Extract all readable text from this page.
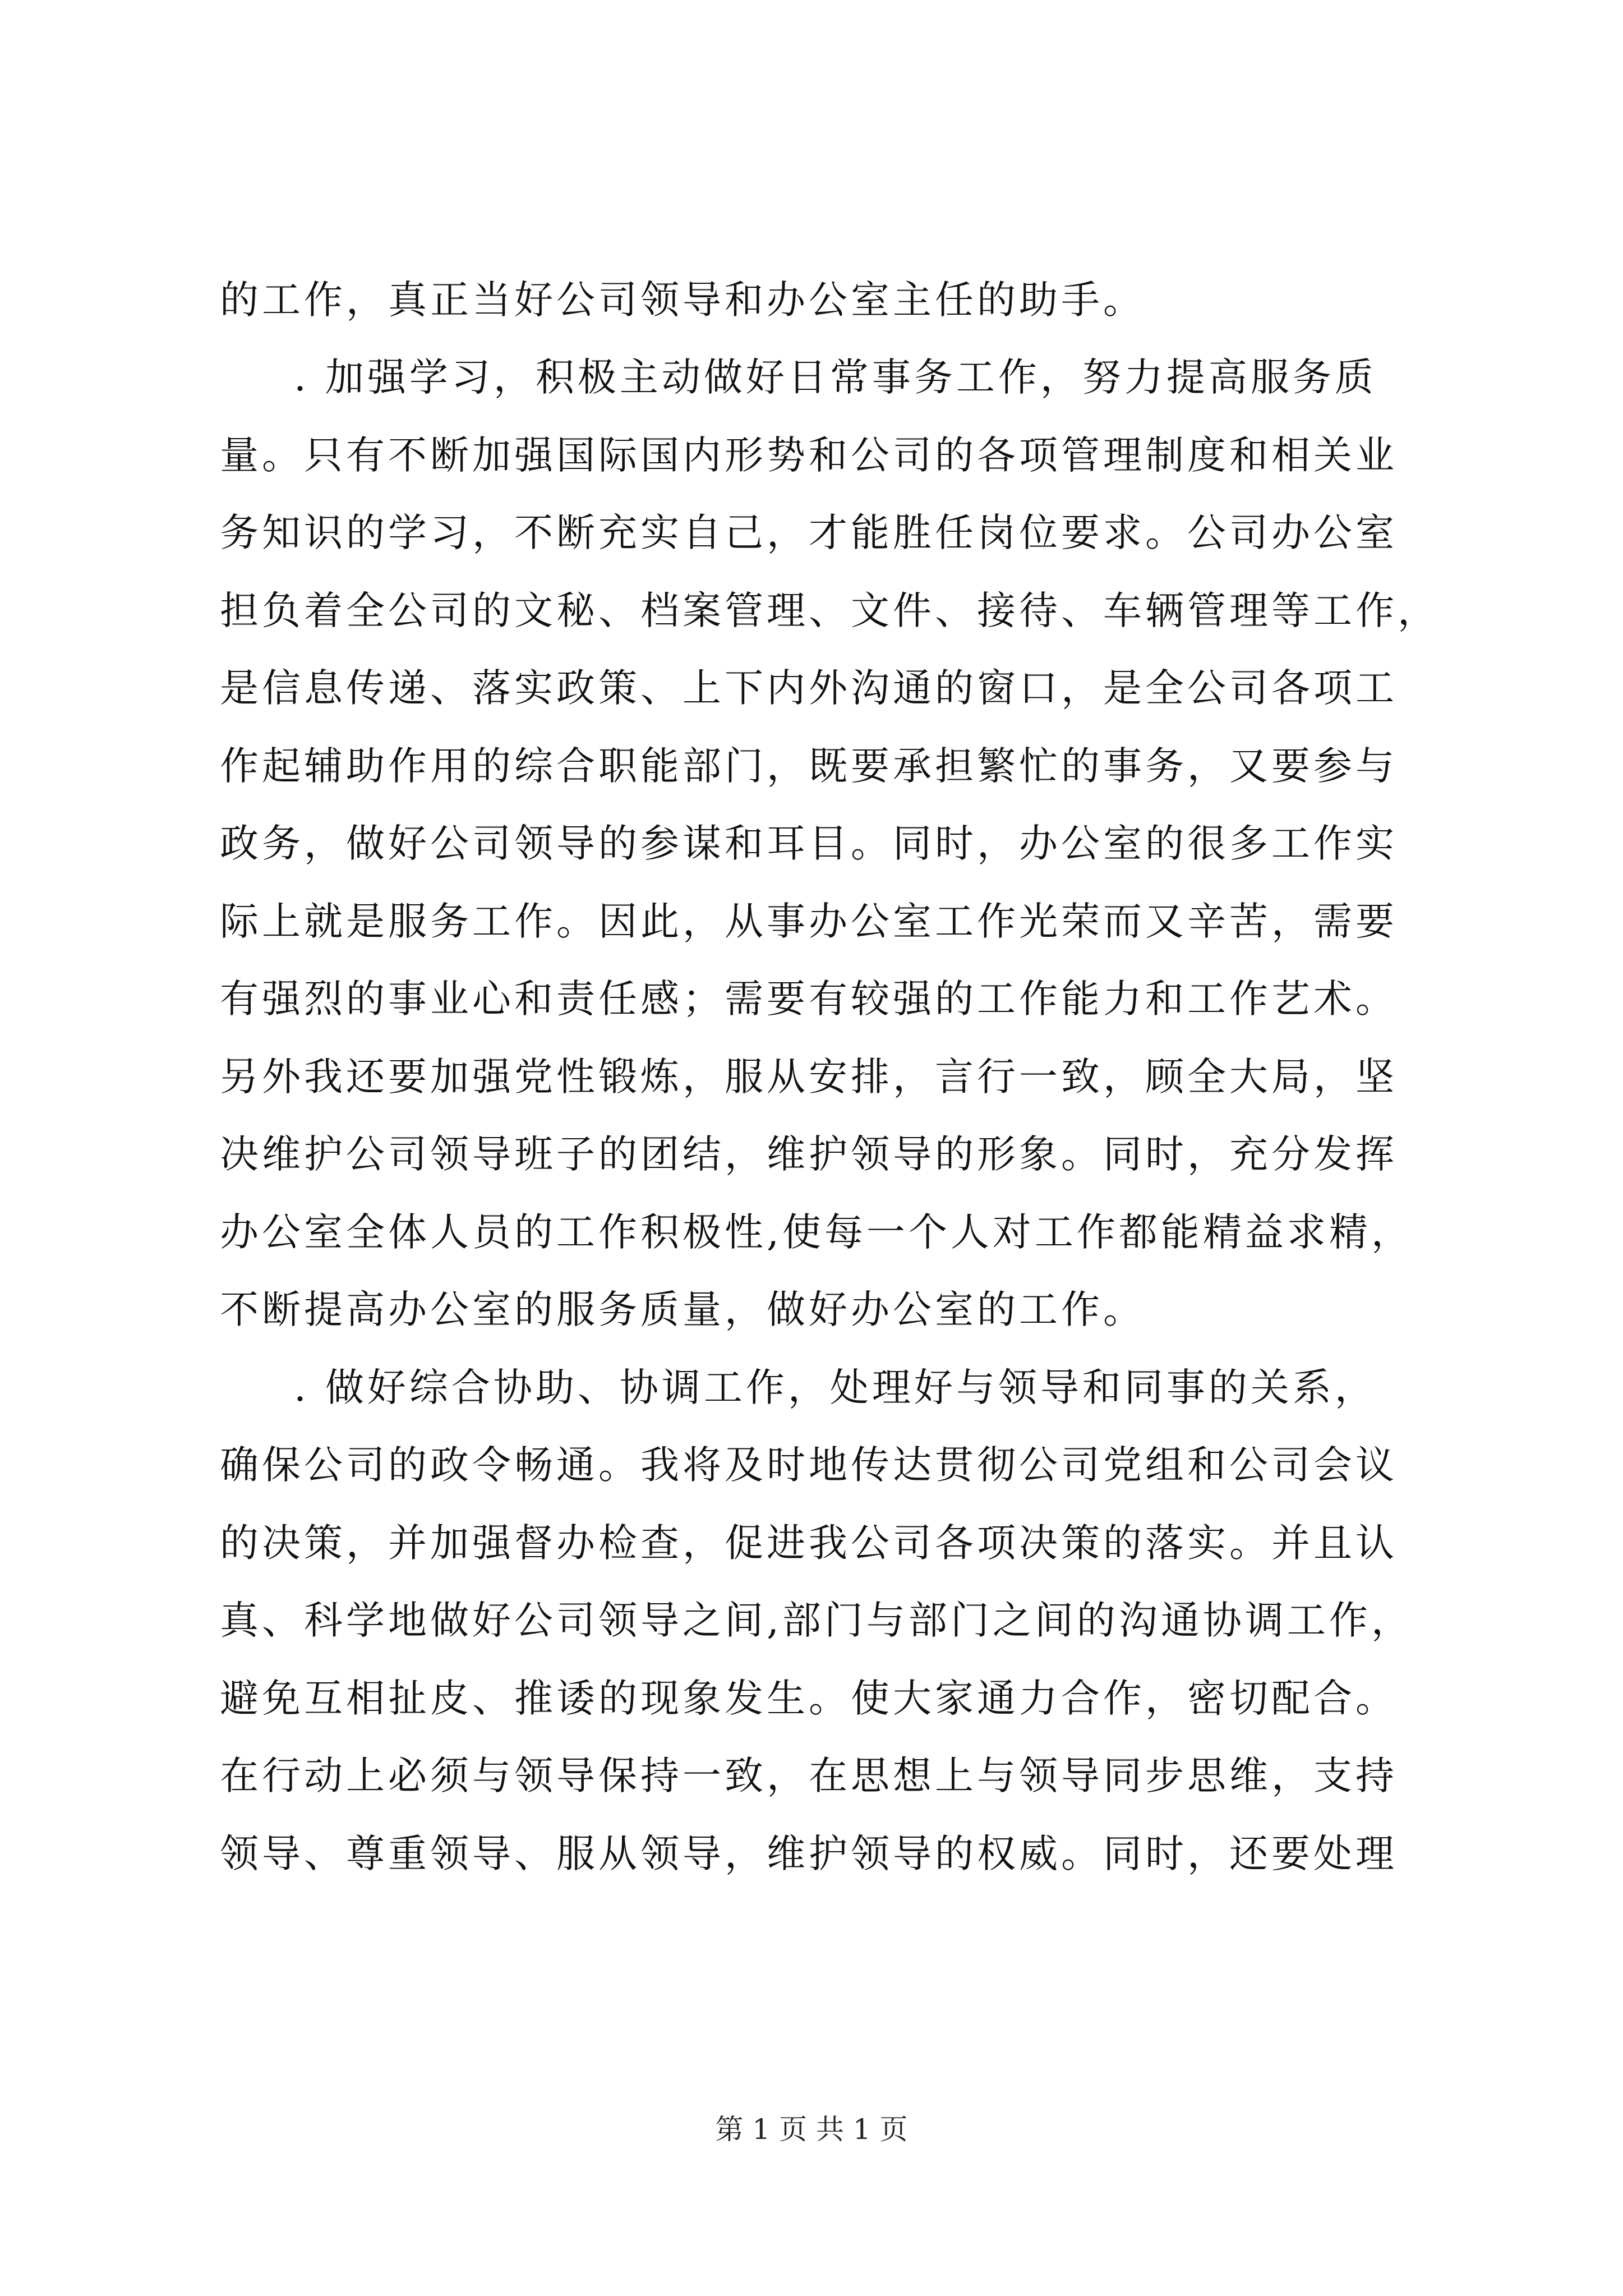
的工作，真正当好公司领导和办公室主任的助手。
. 加强学习，积极主动做好日常事务工作，努力提高服务质
量。只有不断加强国际国内形势和公司的各项管理制度和相关业
务知识的学习，不断充实自己，才能胜任岗位要求。公司办公室
担负着全公司的文秘、档案管理、文件、接待、车辆管理等工作，
是信息传递、落实政策、上下内外沟通的窗口，是全公司各项工
作起辅助作用的综合职能部门，既要承担繁忙的事务，又要参与
政务，做好公司领导的参谋和耳目。同时，办公室的很多工作实
际上就是服务工作。因此，从事办公室工作光荣而又辛苦，需要
有强烈的事业心和责任感；需要有较强的工作能力和工作艺术。
另外我还要加强党性锻炼，服从安排，言行一致，顾全大局，坚
决维护公司领导班子的团结，维护领导的形象。同时，充分发挥
办公室全体人员的工作积极性,使每一个人对工作都能精益求精，
不断提高办公室的服务质量，做好办公室的工作。
. 做好综合协助、协调工作，处理好与领导和同事的关系，
确保公司的政令畅通。我将及时地传达贯彻公司党组和公司会议
的决策，并加强督办检查，促进我公司各项决策的落实。并且认
真、科学地做好公司领导之间,部门与部门之间的沟通协调工作，
避免互相扯皮、推诿的现象发生。使大家通力合作，密切配合。
在行动上必须与领导保持一致，在思想上与领导同步思维，支持
领导、尊重领导、服从领导，维护领导的权威。同时，还要处理
第 1 页 共 1 页
